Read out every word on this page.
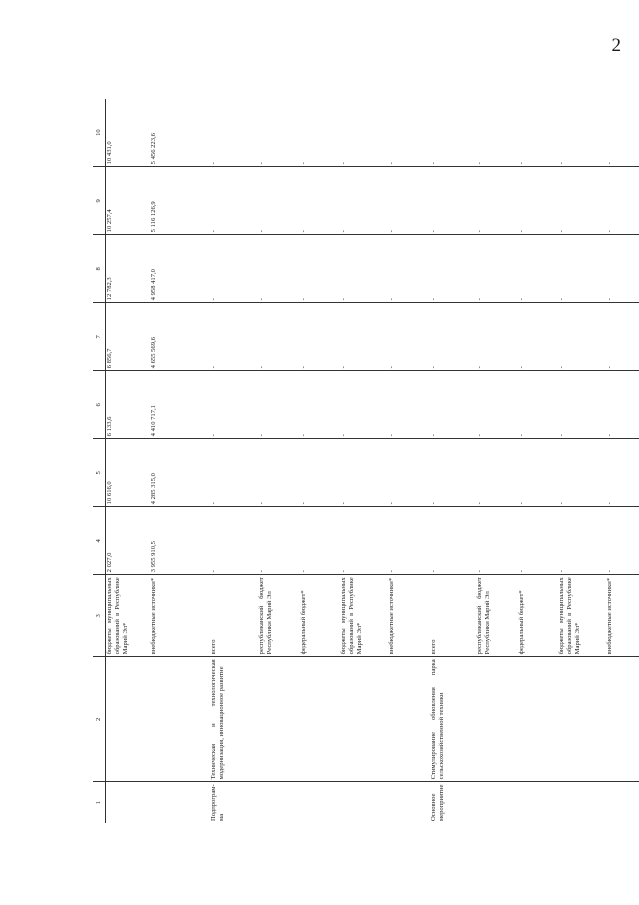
2
1	2	3	4	5	6	7	8	9	10
		бюджеты муниципальных образований в Республике Марий Эл*	2 027,0	10 616,0	6 133,6	6 856,7	12 782,3	10 257,4	10 431,0
		внебюджетные источники*	3 955 910,5	4 285 315,0	4 410 717,1	4 655 569,6	4 958 417,0	5 116 126,9	5 456 223,6
Подпрограм-ма	Техническая и технологическая модернизация, инновационное развитие	всего	-	-	-	-	-	-	-
		республиканский бюджет Республики Марий Эл	-	-	-	-	-	-	-
		федеральный бюджет*	-	-	-	-	-	-	-
		бюджеты муниципальных образований в Республике Марий Эл*	-	-	-	-	-	-	-
		внебюджетные источники*	-	-	-	-	-	-	-
Основное мероприятие	Стимулирование обновления парка сельскохозяйственной техники	всего	-	-	-	-	-	-	-
		республиканский бюджет Республики Марий Эл	-	-	-	-	-	-	-
		федеральный бюджет*	-	-	-	-	-	-	-
		бюджеты муниципальных образований в Республике Марий Эл*	-	-	-	-	-	-	-
		внебюджетные источники*	-	-	-	-	-	-	-
